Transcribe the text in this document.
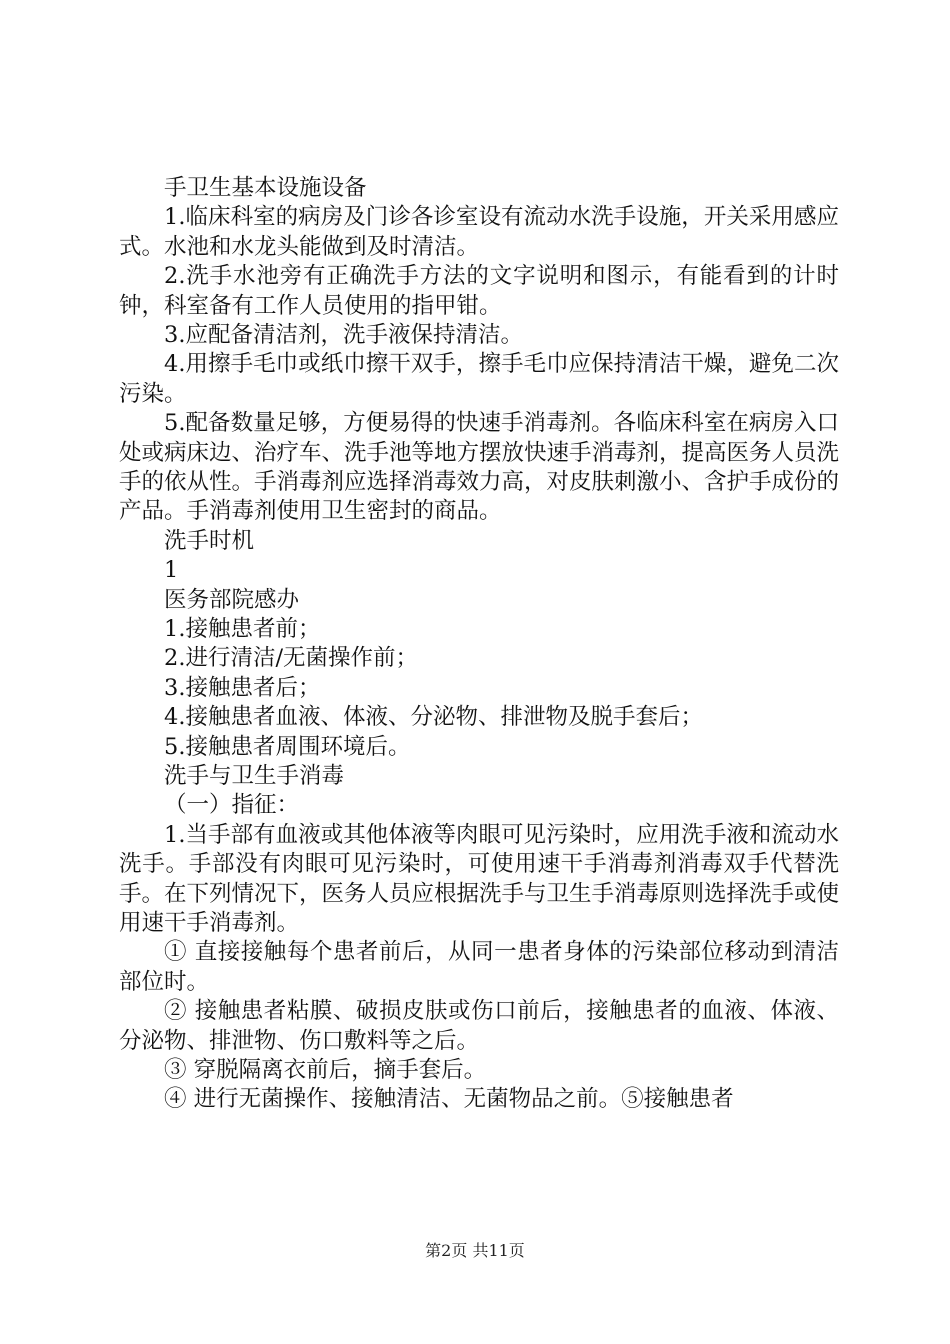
手卫生基本设施设备
1.临床科室的病房及门诊各诊室设有流动水洗手设施，开关采用感应式。水池和水龙头能做到及时清洁。
2.洗手水池旁有正确洗手方法的文字说明和图示，有能看到的计时钟，科室备有工作人员使用的指甲钳。
3.应配备清洁剂，洗手液保持清洁。
4.用擦手毛巾或纸巾擦干双手，擦手毛巾应保持清洁干燥，避免二次污染。
5.配备数量足够，方便易得的快速手消毒剂。各临床科室在病房入口处或病床边、治疗车、洗手池等地方摆放快速手消毒剂，提高医务人员洗手的依从性。手消毒剂应选择消毒效力高，对皮肤刺激小、含护手成份的产品。手消毒剂使用卫生密封的商品。
洗手时机
1
医务部院感办
1.接触患者前；
2.进行清洁/无菌操作前；
3.接触患者后；
4.接触患者血液、体液、分泌物、排泄物及脱手套后；
5.接触患者周围环境后。
洗手与卫生手消毒
（一）指征：
1.当手部有血液或其他体液等肉眼可见污染时，应用洗手液和流动水洗手。手部没有肉眼可见污染时，可使用速干手消毒剂消毒双手代替洗手。在下列情况下，医务人员应根据洗手与卫生手消毒原则选择洗手或使用速干手消毒剂。
① 直接接触每个患者前后，从同一患者身体的污染部位移动到清洁部位时。
② 接触患者粘膜、破损皮肤或伤口前后，接触患者的血液、体液、分泌物、排泄物、伤口敷料等之后。
③ 穿脱隔离衣前后，摘手套后。
④ 进行无菌操作、接触清洁、无菌物品之前。⑤接触患者
第2页 共11页
